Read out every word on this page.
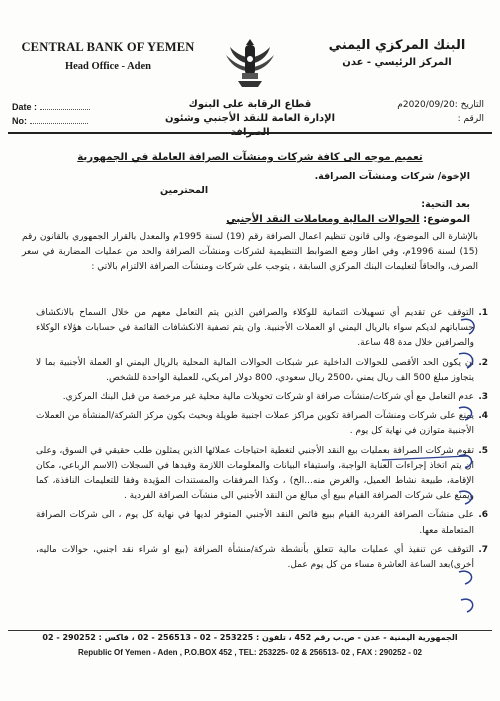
CENTRAL BANK OF YEMEN
Head Office - Aden
البنك المركزي اليمني
المركز الرئيسي - عدن
Date :
No:
قطاع الرقابة على البنوك
الإدارة العامة للنقد الأجنبي وشئون
التاريخ :2020/09/20م
الرقم :
تعميم موجه الى كافة شركات ومنشآت الصرافة العاملة في الجمهورية
الإخوة/ شركات ومنشآت الصرافة.
المحترمين
بعد التحية:
الموضوع: الحوالات المالية ومعاملات النقد الأجنبي
بالإشارة الى الموضوع، والى قانون تنظيم اعمال الصرافة رقم (19) لسنة 1995م والمعدل بالقرار الجمهوري بالقانون رقم (15) لسنة 1996م، وفي اطار وضع الضوابط التنظيمية لشركات ومنشآت الصرافة والحد من عمليات المضاربة في سعر الصرف، والحاقاً لتعليمات البنك المركزي السابقة ، يتوجب على شركات ومنشآت الصرافة الالتزام بالاتي :
1.
التوقف عن تقديم أي تسهيلات ائتمانية للوكلاء والصرافين الذين يتم التعامل معهم من خلال السماح بالانكشاف حساباتهم لديكم سواء بالريال اليمني او العملات الأجنبية. وان يتم تصفية الانكشافات القائمة في حسابات هؤلاء الوكلاء والصرافين خلال مدة 48 ساعة.
2.
ان يكون الحد الأقصى للحوالات الداخلية عبر شبكات الحوالات المالية المحلية بالريال اليمني او العملة الأجنبية بما لا يتجاوز مبلغ 500 الف ريال يمني ،2500 ريال سعودي، 800 دولار امريكي، للعملية الواحدة للشخص.
3.
عدم التعامل مع أي شركات/منشآت صرافة او شركات تحويلات مالية محلية غير مرخصة من قبل البنك المركزي.
4.
يمنع على شركات ومنشآت الصرافة تكوين مراكز عملات اجنبية طويلة وبحيث يكون مركز الشركة/المنشأة من العملات الأجنبية متوازن في نهاية كل يوم .
5.
تقوم شركات الصرافة بعمليات بيع النقد الأجنبي لتغطية احتياجات عملائها الذين يمثلون طلب حقيقي في السوق، وعلى ان يتم اتخاذ إجراءات العناية الواجبة، واستيفاء البيانات والمعلومات اللازمة وقيدها في السجلات (الاسم الرباعي، مكان الإقامة، طبيعة نشاط العميل، والغرض منه...الخ) ، وكذا المرفقات والمستندات المؤيدة وفقا للتعليمات النافذة، كما ويمنع على شركات الصرافة القيام ببيع أي مبالغ من النقد الأجنبي الى منشآت الصرافة الفردية .
6.
على منشآت الصرافة الفردية القيام ببيع فائض النقد الأجنبي المتوفر لديها في نهاية كل يوم ، الى شركات الصرافة المتعاملة معها.
7.
التوقف عن تنفيذ أي عمليات مالية تتعلق بأنشطة شركة/منشأة الصرافة (بيع او شراء نقد اجنبي، حوالات ماليه، أخرى)بعد الساعة العاشرة مساء من كل يوم عمل.
الجمهورية اليمنية - عدن - ص.ب رقم 452 ، تلفون : 253225 - 02 - 256513 - 02 ، فاكس : 290252 - 02
Republic Of Yemen - Aden , P.O.BOX 452 , TEL: 253225- 02 & 256513- 02 , FAX : 290252 - 02
